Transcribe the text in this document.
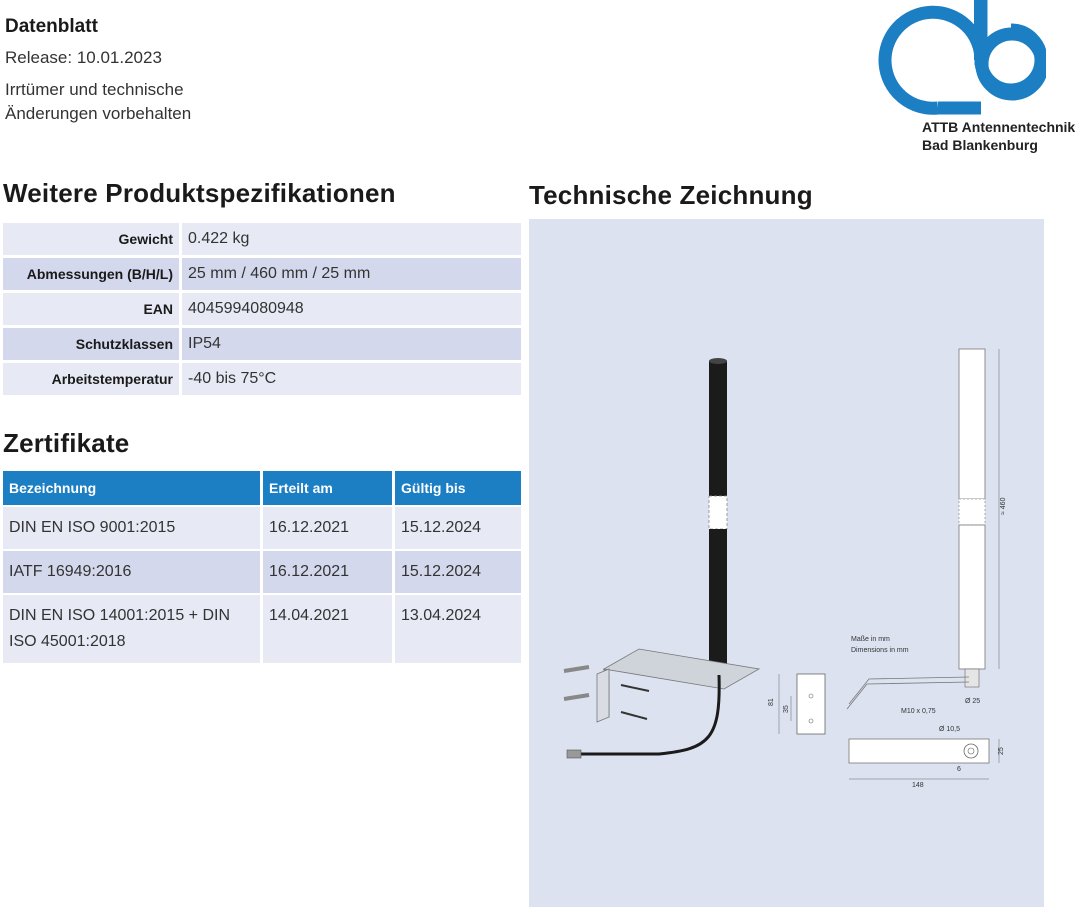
Datenblatt
Release: 10.01.2023
Irrtümer und technische Änderungen vorbehalten
ATTB Antennentechnik
Bad Blankenburg
Weitere Produktspezifikationen
Gewicht	0.422 kg
Abmessungen (B/H/L)	25 mm / 460 mm / 25 mm
EAN	4045994080948
Schutzklassen	IP54
Arbeitstemperatur	-40 bis 75°C
Zertifikate
Bezeichnung	Erteilt am	Gültig bis
DIN EN ISO 9001:2015	16.12.2021	15.12.2024
IATF 16949:2016	16.12.2021	15.12.2024
DIN EN ISO 14001:2015 + DIN ISO 45001:2018	14.04.2021	13.04.2024
Technische Zeichnung
81
35
≈ 460
Maße in mm
Dimensions in mm
M10 x 0,75
Ø 25
Ø 10,5
25
6
148
